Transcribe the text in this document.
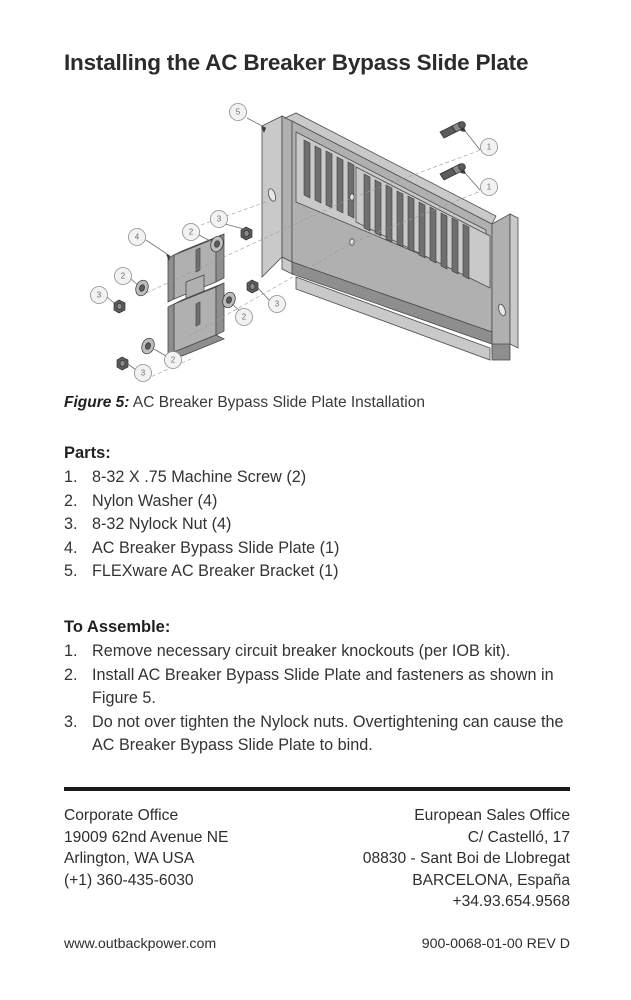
Installing the AC Breaker Bypass Slide Plate
1
1
5
4
3
2
2
3
3
2
2
3
Figure 5: AC Breaker Bypass Slide Plate Installation
Parts:
1. 8-32 X .75 Machine Screw (2)
2. Nylon Washer (4)
3. 8-32 Nylock Nut (4)
4. AC Breaker Bypass Slide Plate (1)
5. FLEXware AC Breaker Bracket (1)
To Assemble:
1. Remove necessary circuit breaker knockouts (per IOB kit).
2. Install AC Breaker Bypass Slide Plate and fasteners as shown in Figure 5.
3. Do not over tighten the Nylock nuts. Overtightening can cause the AC Breaker Bypass Slide Plate to bind.
Corporate Office
19009 62nd Avenue NE
Arlington, WA USA
(+1) 360-435-6030
European Sales Office
C/ Castelló, 17
08830 - Sant Boi de Llobregat
BARCELONA, España
+34.93.654.9568
www.outbackpower.com	900-0068-01-00 REV D
